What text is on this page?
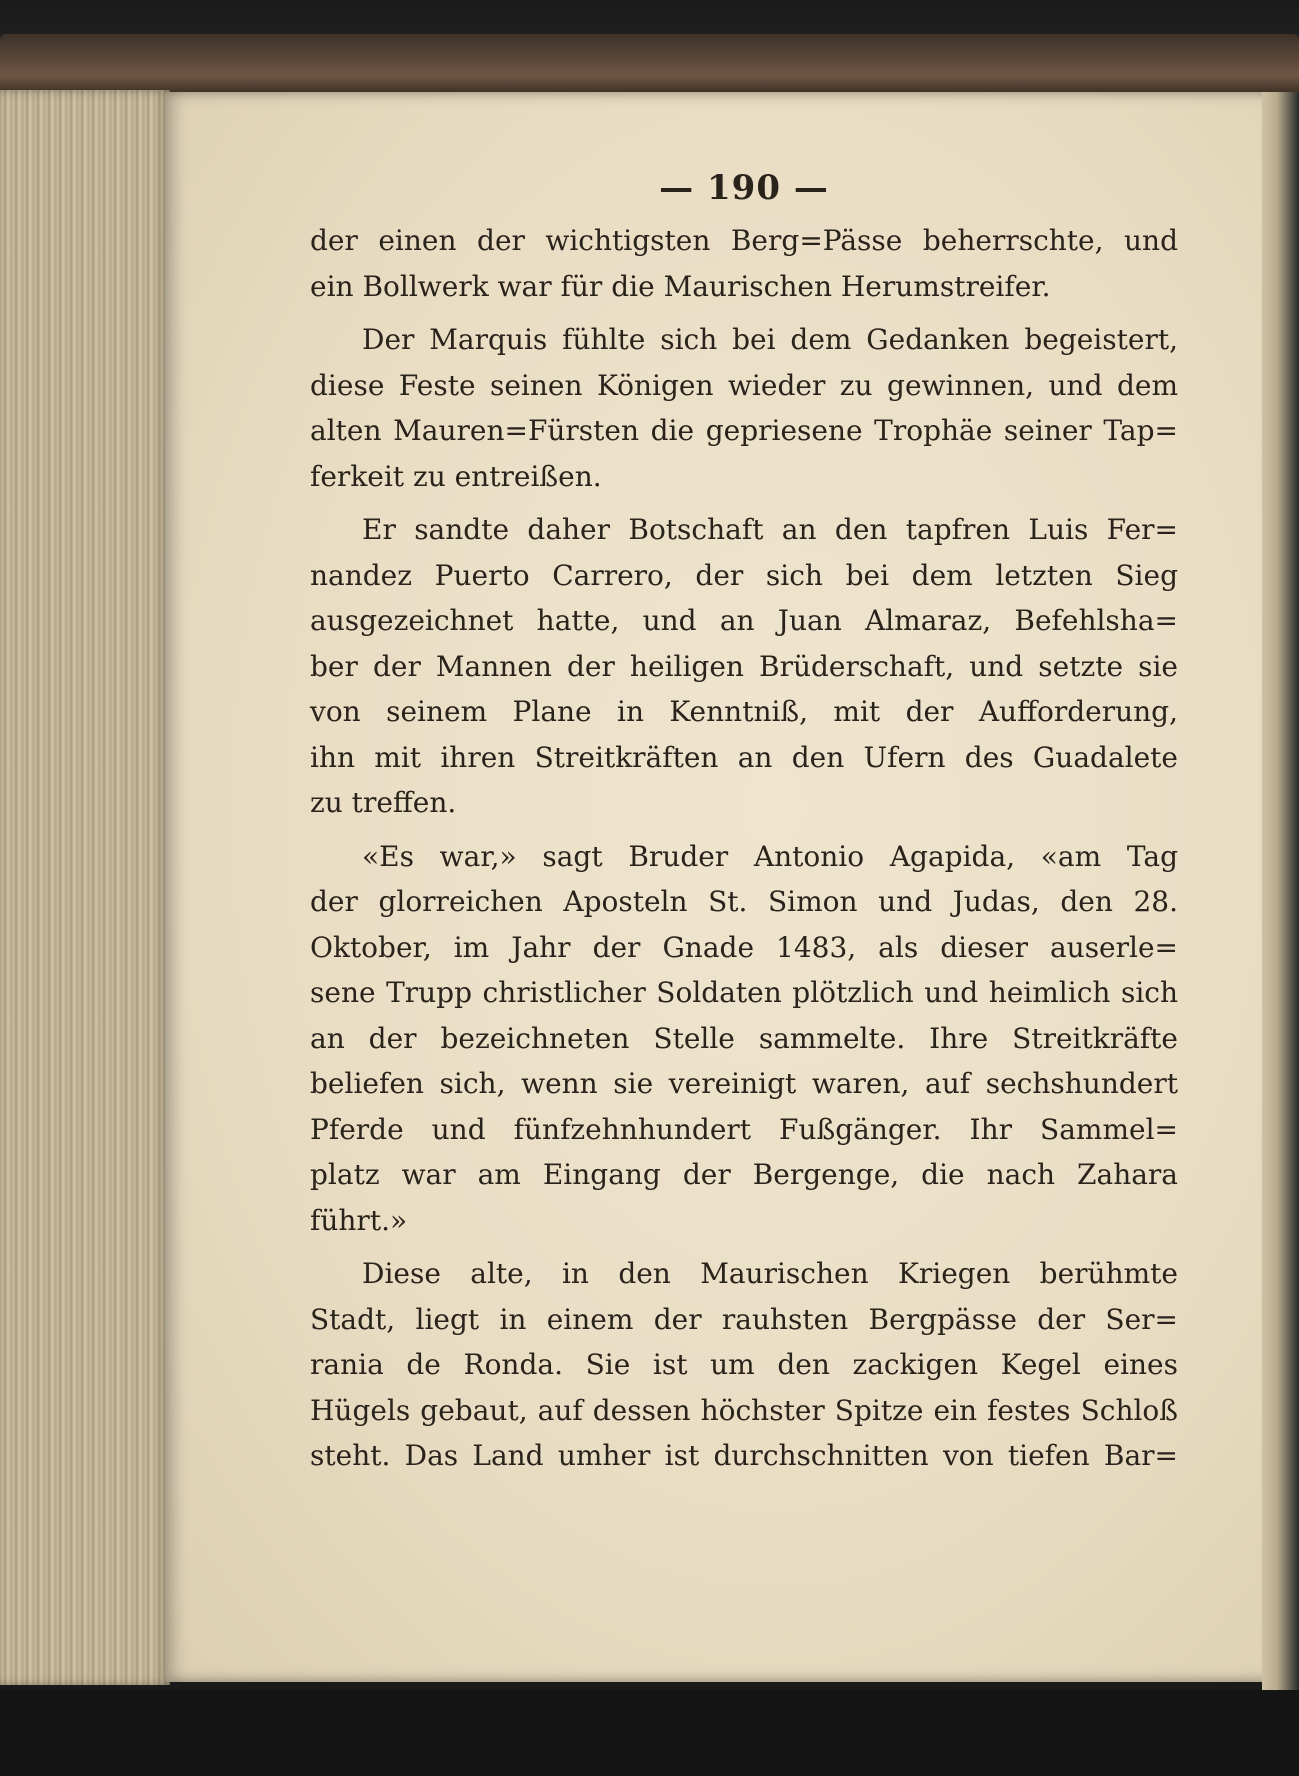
— 190 —
der einen der wichtigsten Berg=Pässe beherrschte, und
ein Bollwerk war für die Maurischen Herumstreifer.
Der Marquis fühlte sich bei dem Gedanken begeistert,
diese Feste seinen Königen wieder zu gewinnen, und dem
alten Mauren=Fürsten die gepriesene Trophäe seiner Tap=
ferkeit zu entreißen.
Er sandte daher Botschaft an den tapfren Luis Fer=
nandez Puerto Carrero, der sich bei dem letzten Sieg
ausgezeichnet hatte, und an Juan Almaraz, Befehlsha=
ber der Mannen der heiligen Brüderschaft, und setzte sie
von seinem Plane in Kenntniß, mit der Aufforderung,
ihn mit ihren Streitkräften an den Ufern des Guadalete
zu treffen.
«Es war,» sagt Bruder Antonio Agapida, «am Tag
der glorreichen Aposteln St. Simon und Judas, den 28.
Oktober, im Jahr der Gnade 1483, als dieser auserle=
sene Trupp christlicher Soldaten plötzlich und heimlich sich
an der bezeichneten Stelle sammelte. Ihre Streitkräfte
beliefen sich, wenn sie vereinigt waren, auf sechshundert
Pferde und fünfzehnhundert Fußgänger. Ihr Sammel=
platz war am Eingang der Bergenge, die nach Zahara
führt.»
Diese alte, in den Maurischen Kriegen berühmte
Stadt, liegt in einem der rauhsten Bergpässe der Ser=
rania de Ronda. Sie ist um den zackigen Kegel eines
Hügels gebaut, auf dessen höchster Spitze ein festes Schloß
steht. Das Land umher ist durchschnitten von tiefen Bar=
